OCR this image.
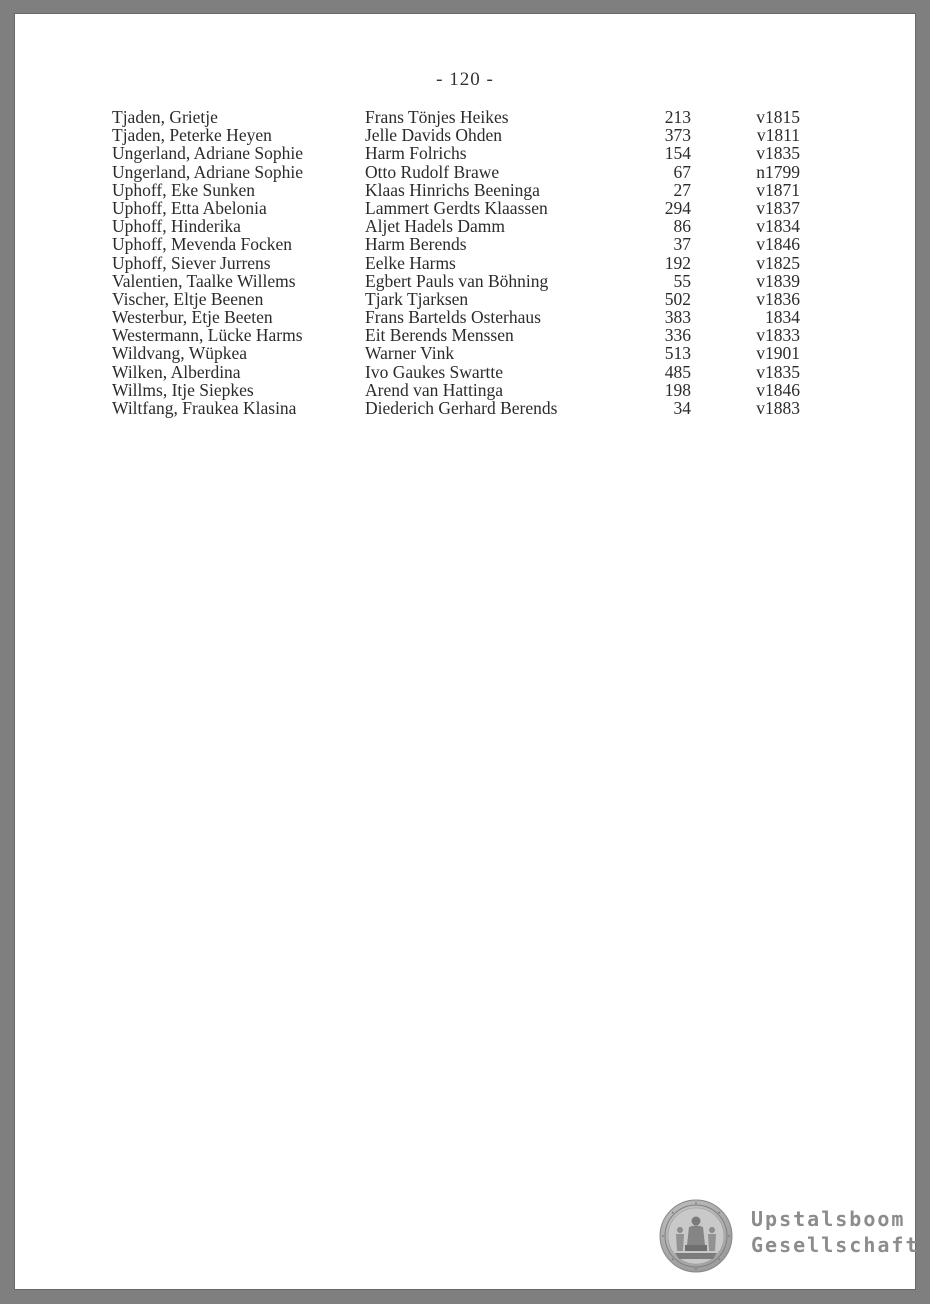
- 120 -
Tjaden, Grietje	Frans Tönjes Heikes	213	v1815
Tjaden, Peterke Heyen	Jelle Davids Ohden	373	v1811
Ungerland, Adriane Sophie	Harm Folrichs	154	v1835
Ungerland, Adriane Sophie	Otto Rudolf Brawe	67	n1799
Uphoff, Eke Sunken	Klaas Hinrichs Beeninga	27	v1871
Uphoff, Etta Abelonia	Lammert Gerdts Klaassen	294	v1837
Uphoff, Hinderika	Aljet Hadels Damm	86	v1834
Uphoff, Mevenda Focken	Harm Berends	37	v1846
Uphoff, Siever Jurrens	Eelke Harms	192	v1825
Valentien, Taalke Willems	Egbert Pauls van Böhning	55	v1839
Vischer, Eltje Beenen	Tjark Tjarksen	502	v1836
Westerbur, Etje Beeten	Frans Bartelds Osterhaus	383	1834
Westermann, Lücke Harms	Eit Berends Menssen	336	v1833
Wildvang, Wüpkea	Warner Vink	513	v1901
Wilken, Alberdina	Ivo Gaukes Swartte	485	v1835
Willms, Itje Siepkes	Arend van Hattinga	198	v1846
Wiltfang, Fraukea Klasina	Diederich Gerhard Berends	34	v1883
Upstalsboom
Gesellschaft
